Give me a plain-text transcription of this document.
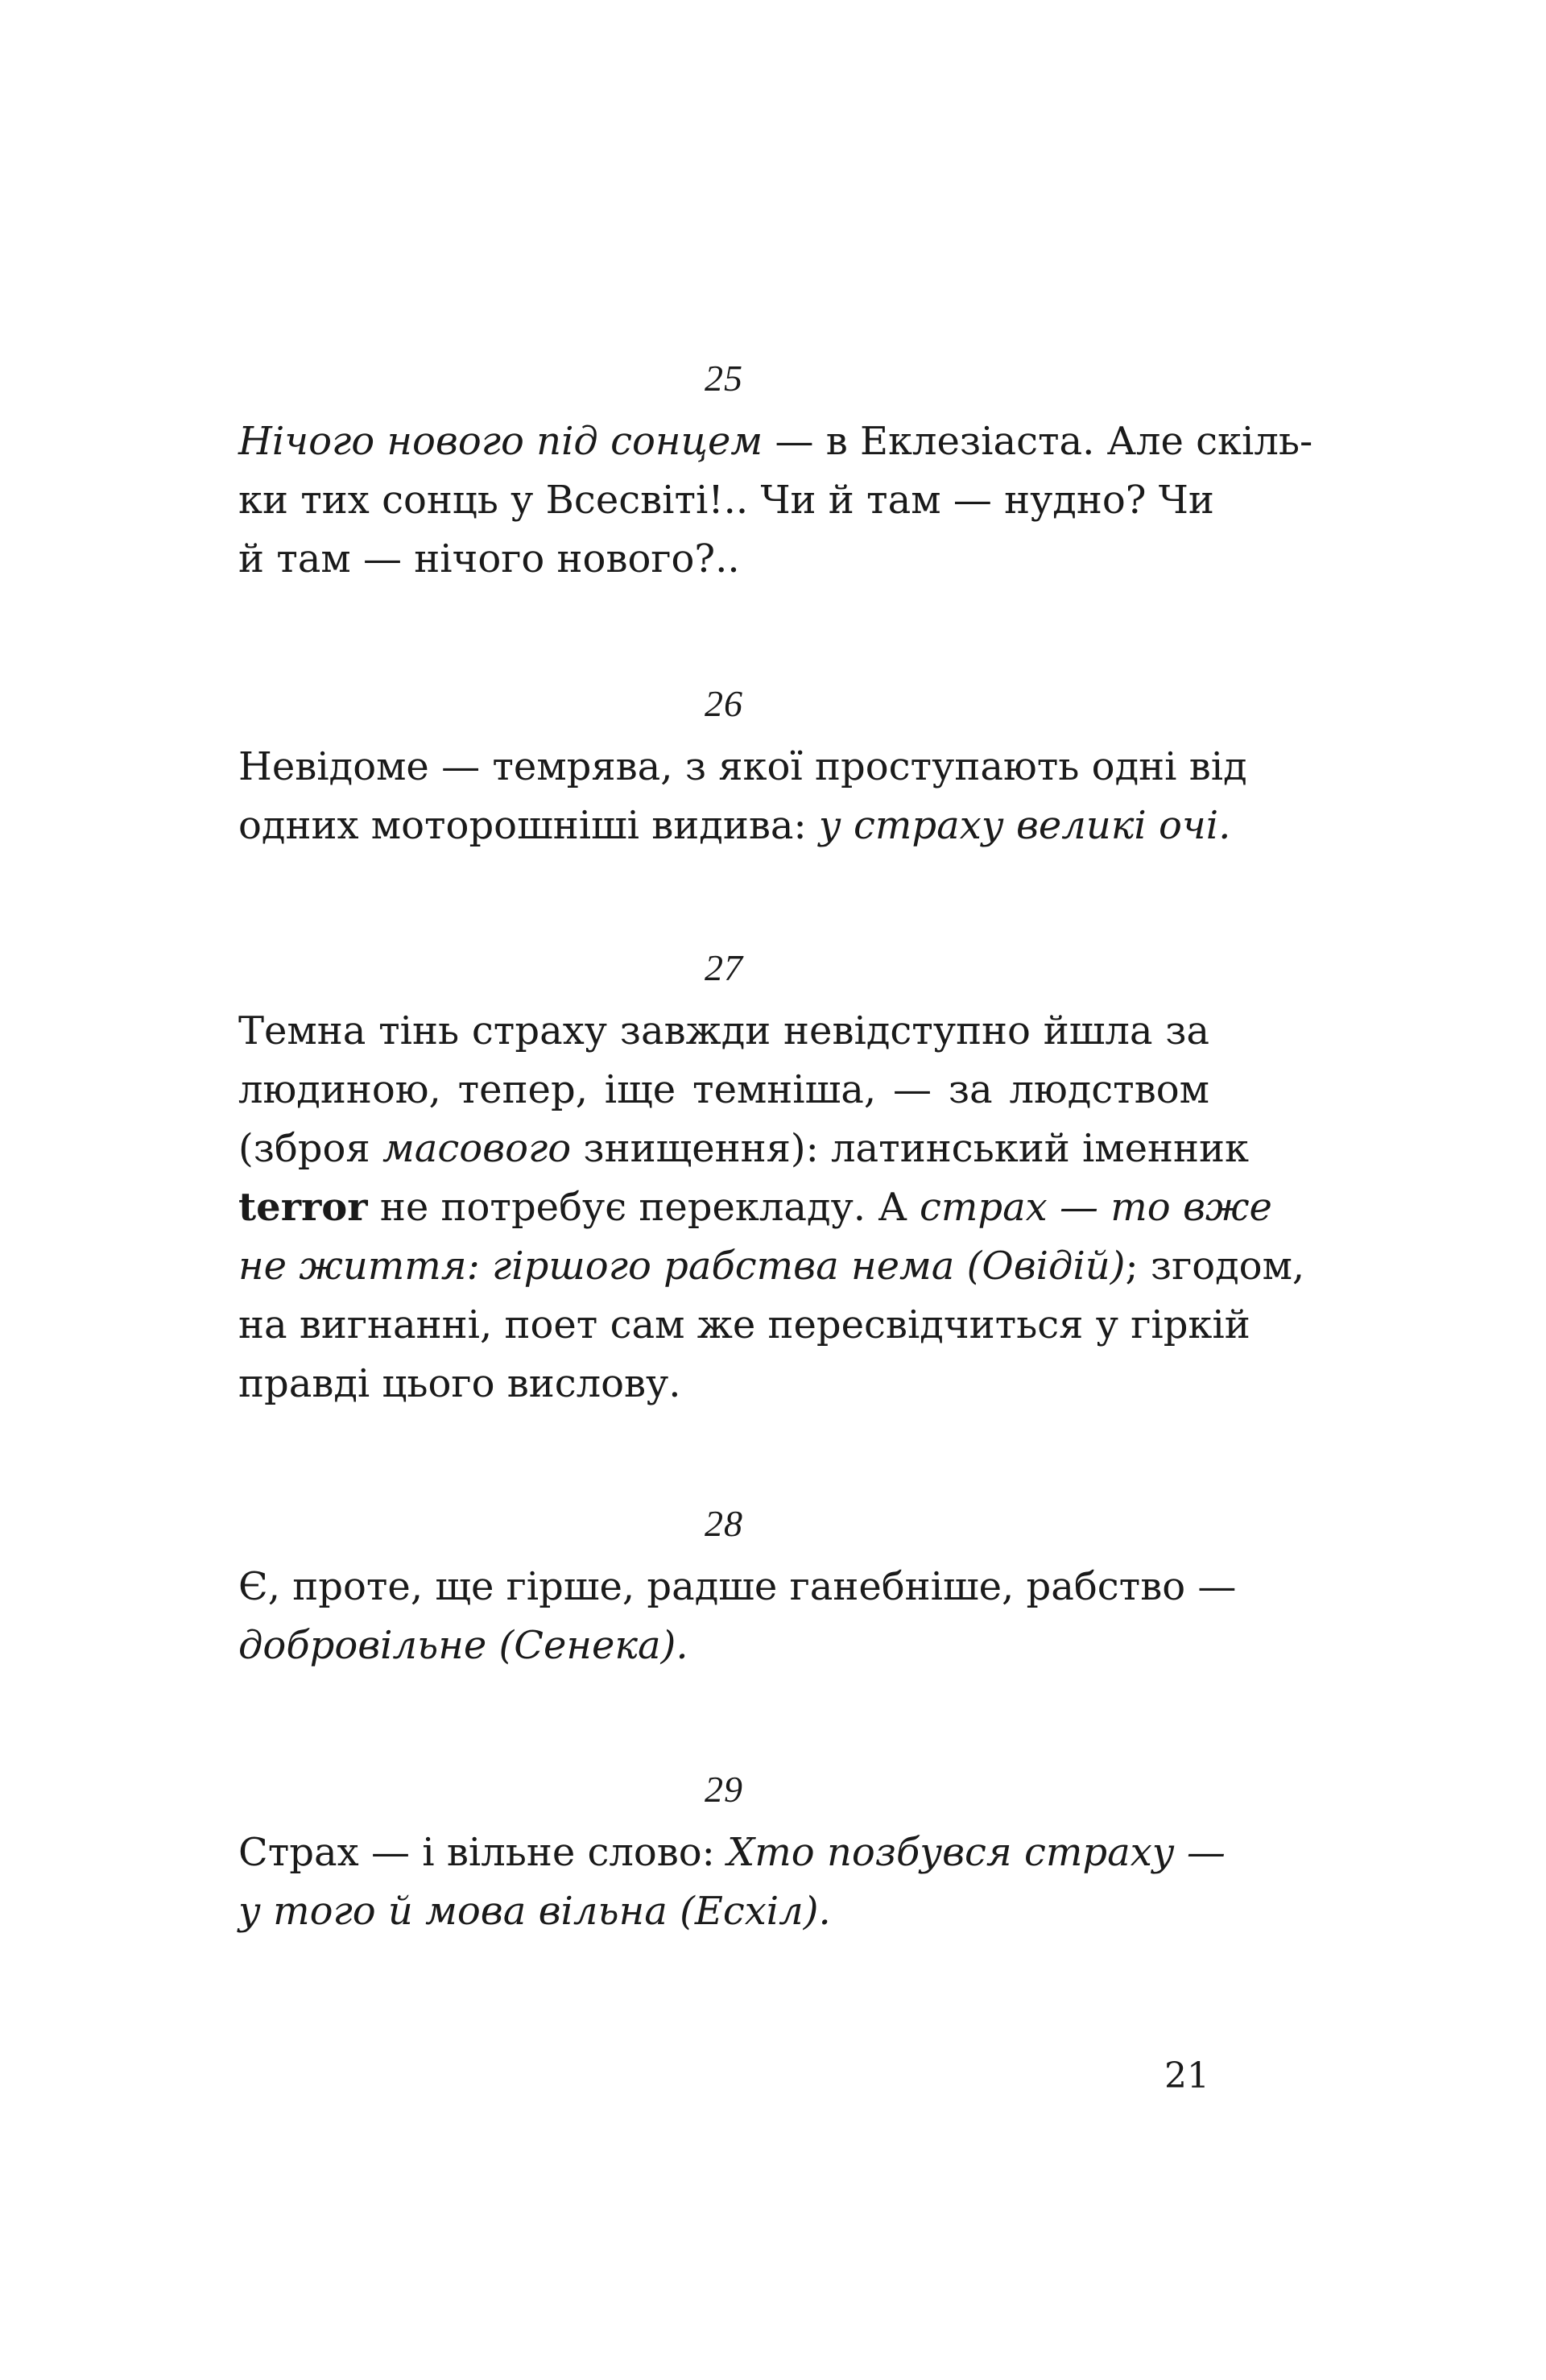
25
Нічого нового під сонцем — в Еклезіаста. Але скіль-
ки тих сонць у Всесвіті!.. Чи й там — нудно? Чи
й там — нічого нового?..
26
Невідоме — темрява, з якої проступають одні від
одних моторошніші видива: у страху великі очі.
27
Темна тінь страху завжди невідступно йшла за
людиною, тепер, іще темніша, — за людством
(зброя масового знищення): латинський іменник
terror не потребує перекладу. А страх — то вже
не життя: гіршого рабства нема (Овідій); згодом,
на вигнанні, поет сам же пересвідчиться у гіркій
правді цього вислову.
28
Є, проте, ще гірше, радше ганебніше, рабство —
добровільне (Сенека).
29
Страх — і вільне слово: Хто позбувся страху —
у того й мова вільна (Есхіл).
21
